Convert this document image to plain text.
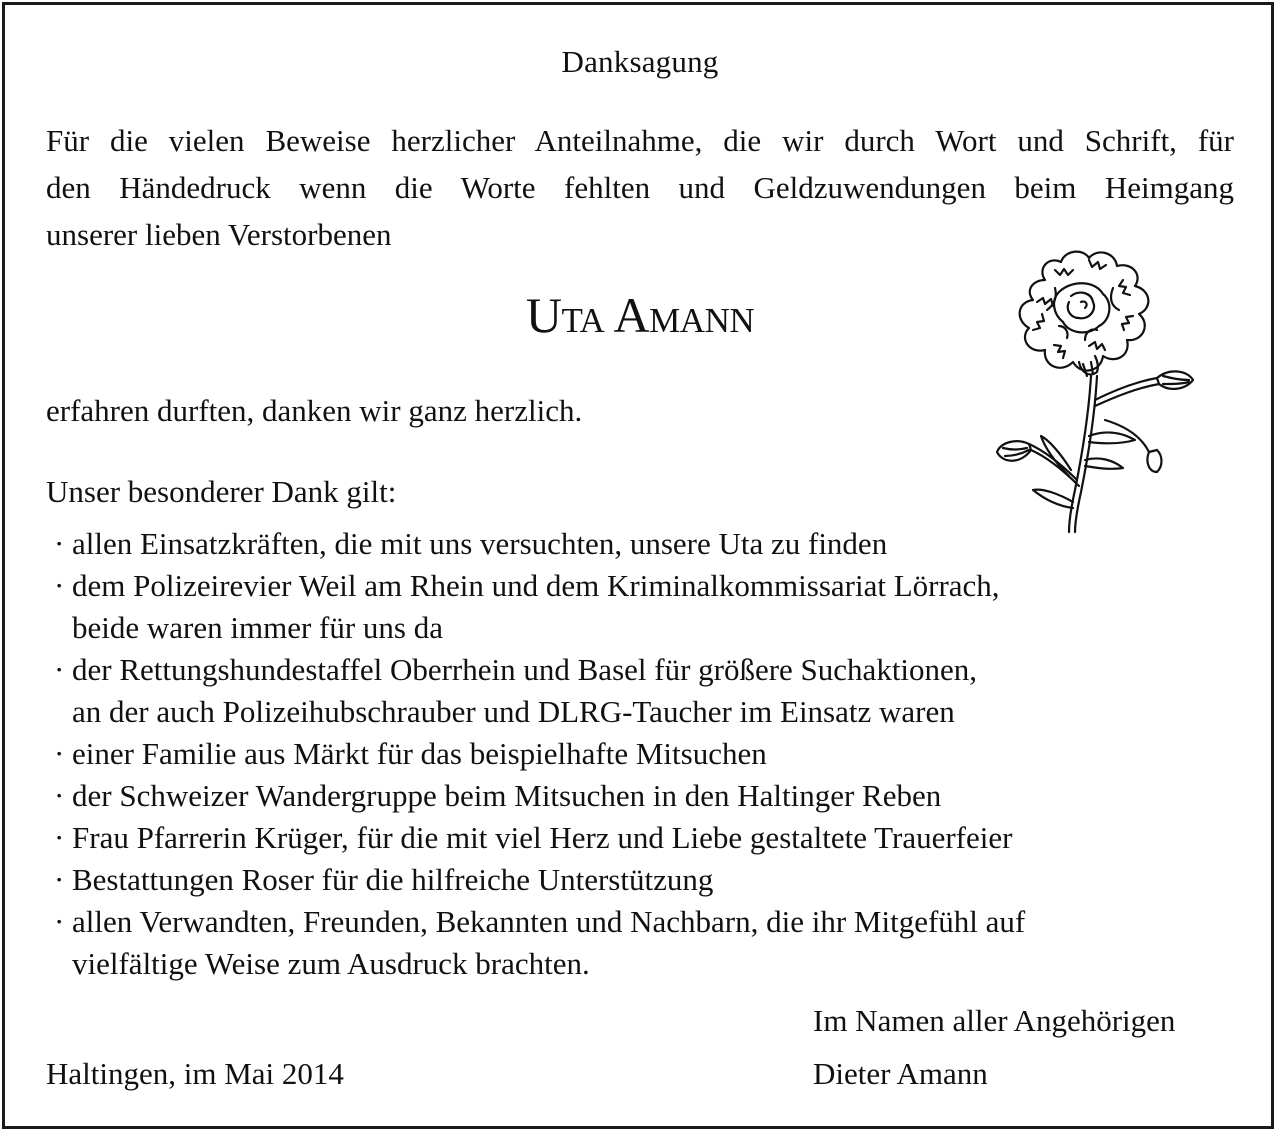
Danksagung
Für die vielen Beweise herzlicher Anteilnahme, die wir durch Wort und Schrift, für
den Händedruck wenn die Worte fehlten und Geldzuwendungen beim Heimgang
unserer lieben Verstorbenen
Uta Amann
erfahren durften, danken wir ganz herzlich.
Unser besonderer Dank gilt:
· allen Einsatzkräften, die mit uns versuchten, unsere Uta zu finden
· dem Polizeirevier Weil am Rhein und dem Kriminalkommissariat Lörrach,
beide waren immer für uns da
· der Rettungshundestaffel Oberrhein und Basel für größere Suchaktionen,
an der auch Polizeihubschrauber und DLRG-Taucher im Einsatz waren
· einer Familie aus Märkt für das beispielhafte Mitsuchen
· der Schweizer Wandergruppe beim Mitsuchen in den Haltinger Reben
· Frau Pfarrerin Krüger, für die mit viel Herz und Liebe gestaltete Trauerfeier
· Bestattungen Roser für die hilfreiche Unterstützung
· allen Verwandten, Freunden, Bekannten und Nachbarn, die ihr Mitgefühl auf
vielfältige Weise zum Ausdruck brachten.
Im Namen aller Angehörigen
Haltingen, im Mai 2014	Dieter Amann
